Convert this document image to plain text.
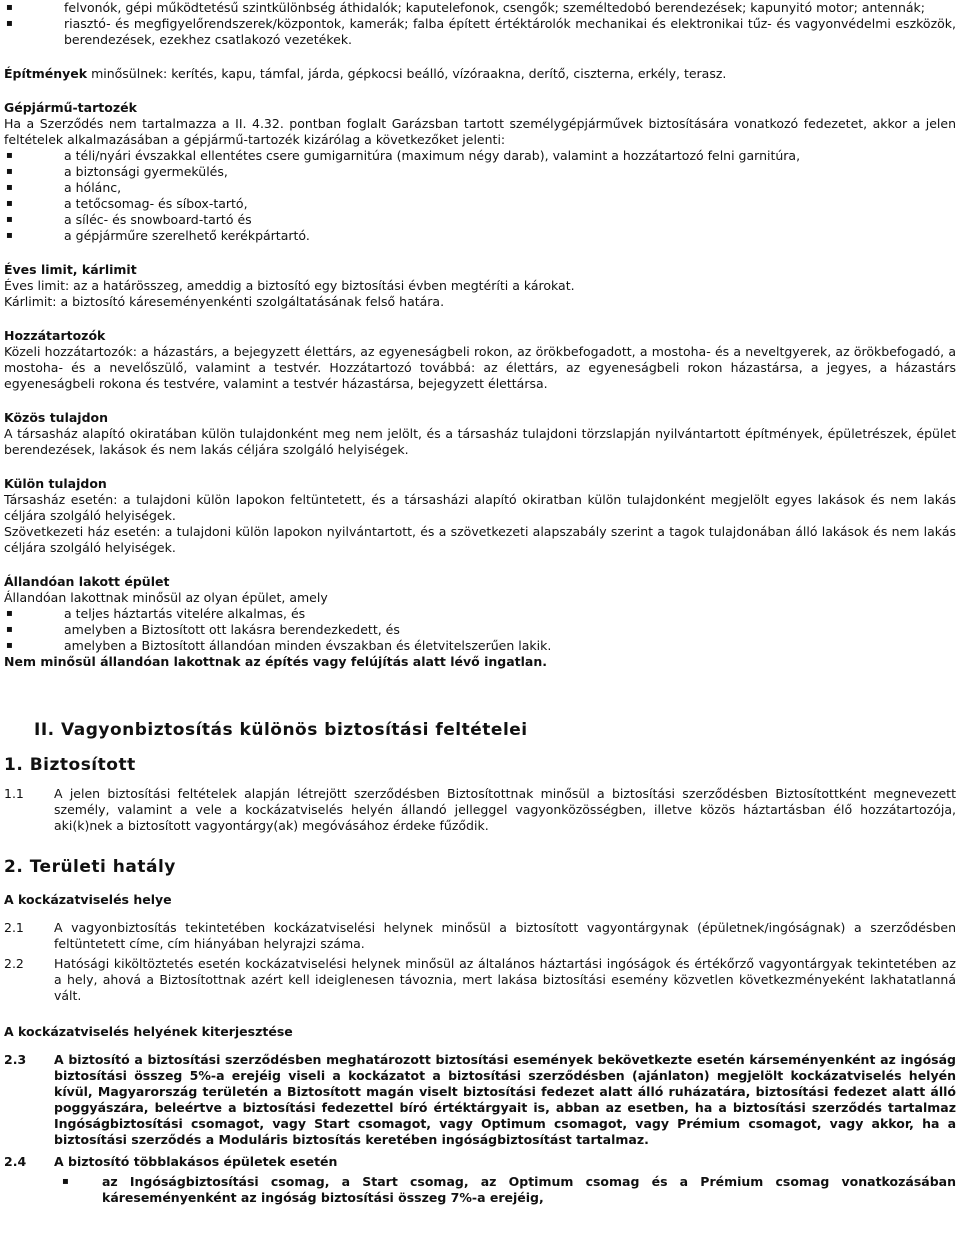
▪ felvonók, gépi működtetésű szintkülönbség áthidalók; kaputelefonok, csengők; személtedobó berendezések; kapunyitó motor; antennák;
▪ riasztó- és megfigyelőrendszerek/központok, kamerák; falba épített értéktárolók mechanikai és elektronikai tűz- és vagyonvédelmi eszközök, berendezések, ezekhez csatlakozó vezetékek.

Építmények minősülnek: kerítés, kapu, támfal, járda, gépkocsi beálló, vízóraakna, derítő, ciszterna, erkély, terasz.

Gépjármű-tartozék

Ha a Szerződés nem tartalmazza a II. 4.32. pontban foglalt Garázsban tartott személygépjárművek biztosítására vonatkozó fedezetet, akkor a jelen feltételek alkalmazásában a gépjármű-tartozék kizárólag a következőket jelenti:

▪ a téli/nyári évszakkal ellentétes csere gumigarnitúra (maximum négy darab), valamint a hozzátartozó felni garnitúra,
▪ a biztonsági gyermekülés,
▪ a hólánc,
▪ a tetőcsomag- és síbox-tartó,
▪ a síléc- és snowboard-tartó és
▪ a gépjárműre szerelhető kerékpártartó.

Éves limit, kárlimit

Éves limit: az a határösszeg, ameddig a biztosító egy biztosítási évben megtéríti a károkat.

Kárlimit: a biztosító káreseményenkénti szolgáltatásának felső határa.

Hozzátartozók

Közeli hozzátartozók: a házastárs, a bejegyzett élettárs, az egyeneságbeli rokon, az örökbefogadott, a mostoha- és a neveltgyerek, az örökbefogadó, a mostoha- és a nevelőszülő, valamint a testvér. Hozzátartozó továbbá: az élettárs, az egyeneságbeli rokon házastársa, a jegyes, a házastárs egyeneságbeli rokona és testvére, valamint a testvér házastársa, bejegyzett élettársa.

Közös tulajdon

A társasház alapító okiratában külön tulajdonként meg nem jelölt, és a társasház tulajdoni törzslapján nyilvántartott építmények, épületrészek, épület berendezések, lakások és nem lakás céljára szolgáló helyiségek.

Külön tulajdon

Társasház esetén: a tulajdoni külön lapokon feltüntetett, és a társasházi alapító okiratban külön tulajdonként megjelölt egyes lakások és nem lakás céljára szolgáló helyiségek.

Szövetkezeti ház esetén: a tulajdoni külön lapokon nyilvántartott, és a szövetkezeti alapszabály szerint a tagok tulajdonában álló lakások és nem lakás céljára szolgáló helyiségek.

Állandóan lakott épület

Állandóan lakottnak minősül az olyan épület, amely

▪ a teljes háztartás vitelére alkalmas, és
▪ amelyben a Biztosított ott lakásra berendezkedett, és
▪ amelyben a Biztosított állandóan minden évszakban és életvitelszerűen lakik.

Nem minősül állandóan lakottnak az építés vagy felújítás alatt lévő ingatlan.

II. Vagyonbiztosítás különös biztosítási feltételei

1. Biztosított

1.1 A jelen biztosítási feltételek alapján létrejött szerződésben Biztosítottnak minősül a biztosítási szerződésben Biztosítottként megnevezett személy, valamint a vele a kockázatviselés helyén állandó jelleggel vagyonközösségben, illetve közös háztartásban élő hozzátartozója, aki(k)nek a biztosított vagyontárgy(ak) megóvásához érdeke fűződik.

2. Területi hatály

A kockázatviselés helye

2.1 A vagyonbiztosítás tekintetében kockázatviselési helynek minősül a biztosított vagyontárgynak (épületnek/ingóságnak) a szerződésben feltüntetett címe, cím hiányában helyrajzi száma.
2.2 Hatósági kiköltöztetés esetén kockázatviselési helynek minősül az általános háztartási ingóságok és értékőrző vagyontárgyak tekintetében az a hely, ahová a Biztosítottnak azért kell ideiglenesen távoznia, mert lakása biztosítási esemény közvetlen következményeként lakhatatlanná vált.

A kockázatviselés helyének kiterjesztése

2.3 A biztosító a biztosítási szerződésben meghatározott biztosítási események bekövetkezte esetén kárseményenként az ingóság biztosítási összeg 5%-a erejéig viseli a kockázatot a biztosítási szerződésben (ajánlaton) megjelölt kockázatviselés helyén kívül, Magyarország területén a Biztosított magán viselt biztosítási fedezet alatt álló ruházatára, biztosítási fedezet alatt álló poggyászára, beleértve a biztosítási fedezettel bíró értéktárgyait is, abban az esetben, ha a biztosítási szerződés tartalmaz Ingóságbiztosítási csomagot, vagy Start csomagot, vagy Optimum csomagot, vagy Prémium csomagot, vagy akkor, ha a biztosítási szerződés a Moduláris biztosítás keretében ingóságbiztosítást tartalmaz.
2.4 A biztosító többlakásos épületek esetén
▪ az Ingóságbiztosítási csomag, a Start csomag, az Optimum csomag és a Prémium csomag vonatkozásában káreseményenként az ingóság biztosítási összeg 7%-a erejéig,
